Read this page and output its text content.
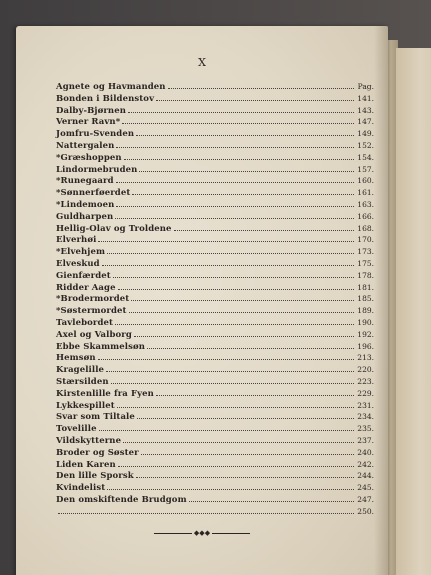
X
Agnete og Havmanden	Pag.
Bonden i Bildenstov	141.
Dalby-Bjørnen	143.
Verner Ravn*	147.
Jomfru-Svenden	149.
Nattergalen	152.
*Græshoppen	154.
Lindormebruden	157.
*Runegaard	160.
*Sønnerføerdet	161.
*Lindemoen	163.
Guldharpen	166.
Hellig-Olav og Troldene	168.
Elverhøi	170.
*Elvehjem	173.
Elveskud	175.
Gienfærdet	178.
Ridder Aage	181.
*Brodermordet	185.
*Søstermordet	189.
Tavlebordet	190.
Axel og Valborg	192.
Ebbe Skammelsøn	196.
Hemsøn	213.
Kragelille	220.
Stærsilden	223.
Kirstenlille fra Fyen	229.
Lykkespillet	231.
Svar som Tiltale	234.
Tovelille	235.
Vildskytterne	237.
Broder og Søster	240.
Liden Karen	242.
Den lille Sporsk	244.
Kvindelist	245.
Den omskiftende Brudgom	247.
250.
◆◆◆
